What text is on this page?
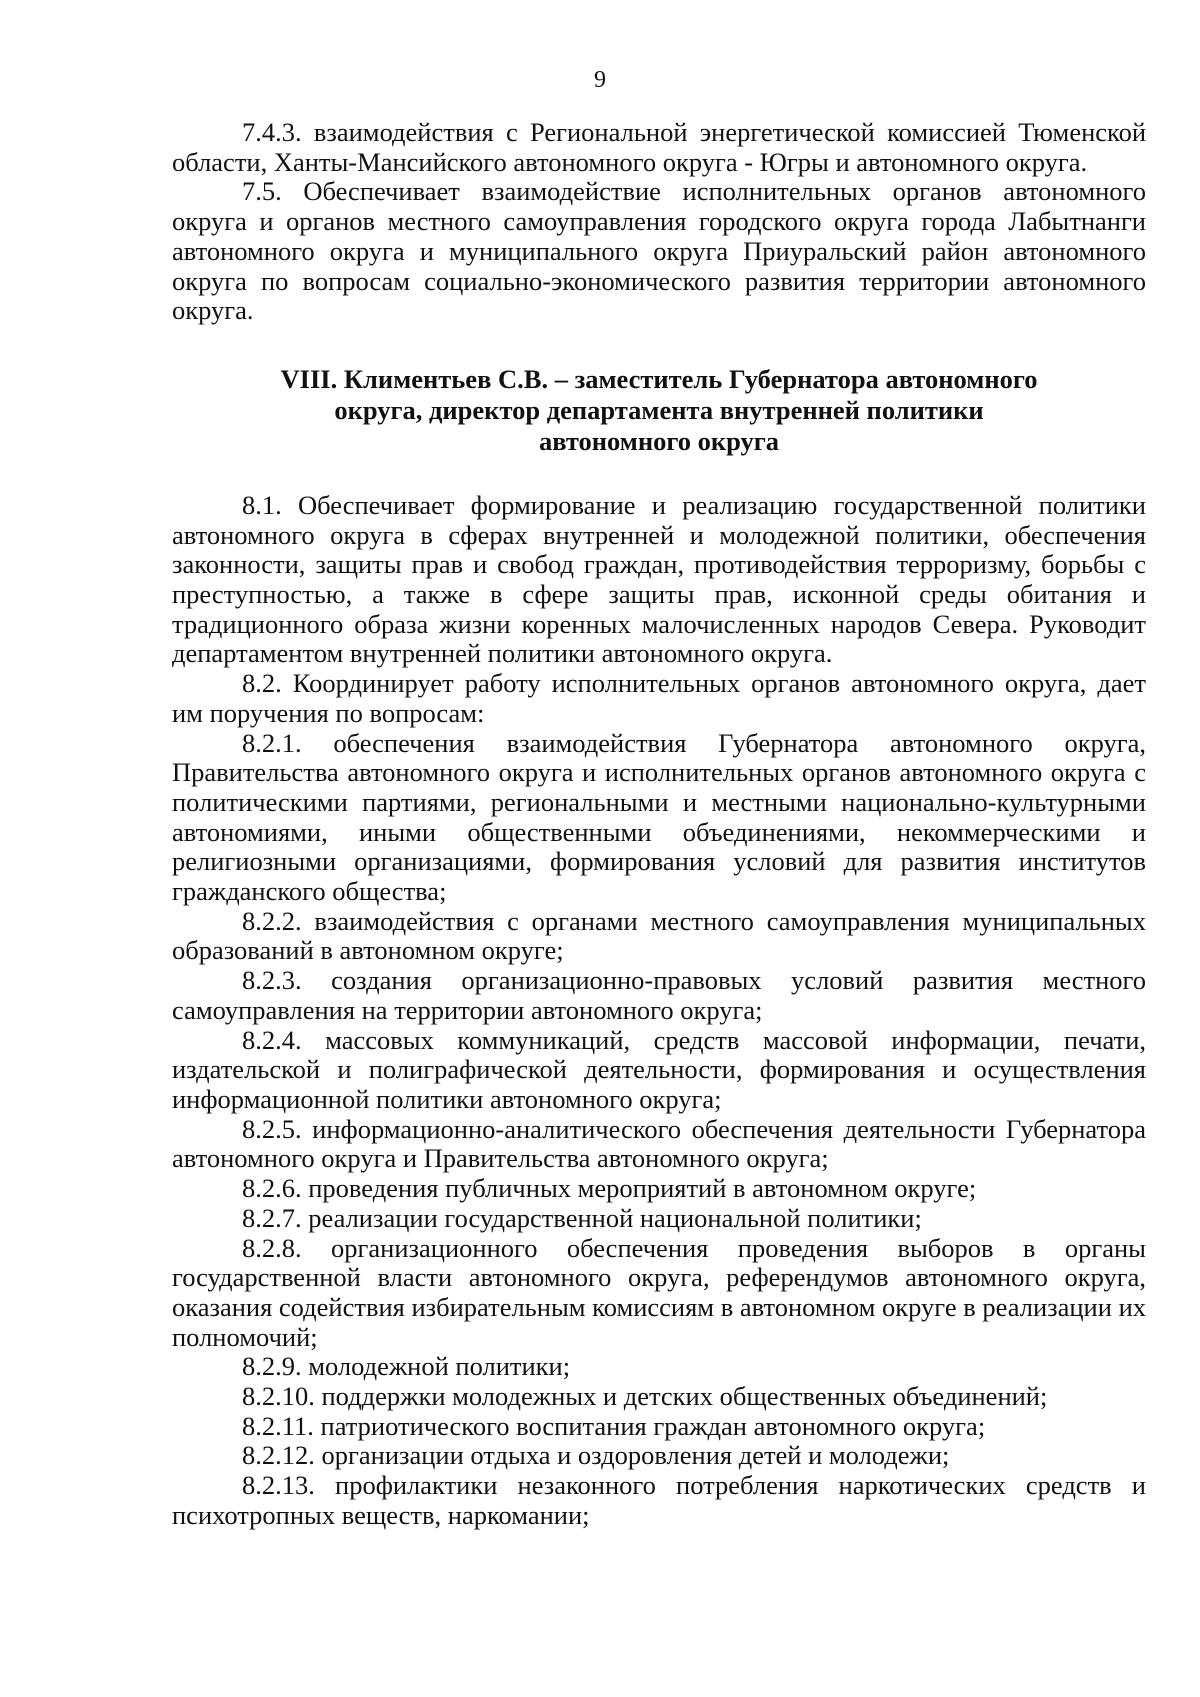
9

7.4.3. взаимодействия с Региональной энергетической комиссией Тюменской области, Ханты-Мансийского автономного округа - Югры и автономного округа.

7.5. Обеспечивает взаимодействие исполнительных органов автономного округа и органов местного самоуправления городского округа города Лабытнанги автономного округа и муниципального округа Приуральский район автономного округа по вопросам социально-экономического развития территории автономного округа.

VIII. Климентьев С.В. – заместитель Губернатора автономного
округа, директор департамента внутренней политики
автономного округа

8.1. Обеспечивает формирование и реализацию государственной политики автономного округа в сферах внутренней и молодежной политики, обеспечения законности, защиты прав и свобод граждан, противодействия терроризму, борьбы с преступностью, а также в сфере защиты прав, исконной среды обитания и традиционного образа жизни коренных малочисленных народов Севера. Руководит департаментом внутренней политики автономного округа.

8.2. Координирует работу исполнительных органов автономного округа, дает им поручения по вопросам:

8.2.1. обеспечения взаимодействия Губернатора автономного округа, Правительства автономного округа и исполнительных органов автономного округа с политическими партиями, региональными и местными национально-культурными автономиями, иными общественными объединениями, некоммерческими и религиозными организациями, формирования условий для развития институтов гражданского общества;

8.2.2. взаимодействия с органами местного самоуправления муниципальных образований в автономном округе;

8.2.3. создания организационно-правовых условий развития местного самоуправления на территории автономного округа;

8.2.4. массовых коммуникаций, средств массовой информации, печати, издательской и полиграфической деятельности, формирования и осуществления информационной политики автономного округа;

8.2.5. информационно-аналитического обеспечения деятельности Губернатора автономного округа и Правительства автономного округа;

8.2.6. проведения публичных мероприятий в автономном округе;

8.2.7. реализации государственной национальной политики;

8.2.8. организационного обеспечения проведения выборов в органы государственной власти автономного округа, референдумов автономного округа, оказания содействия избирательным комиссиям в автономном округе в реализации их полномочий;

8.2.9. молодежной политики;

8.2.10. поддержки молодежных и детских общественных объединений;

8.2.11. патриотического воспитания граждан автономного округа;

8.2.12. организации отдыха и оздоровления детей и молодежи;

8.2.13. профилактики незаконного потребления наркотических средств и психотропных веществ, наркомании;
